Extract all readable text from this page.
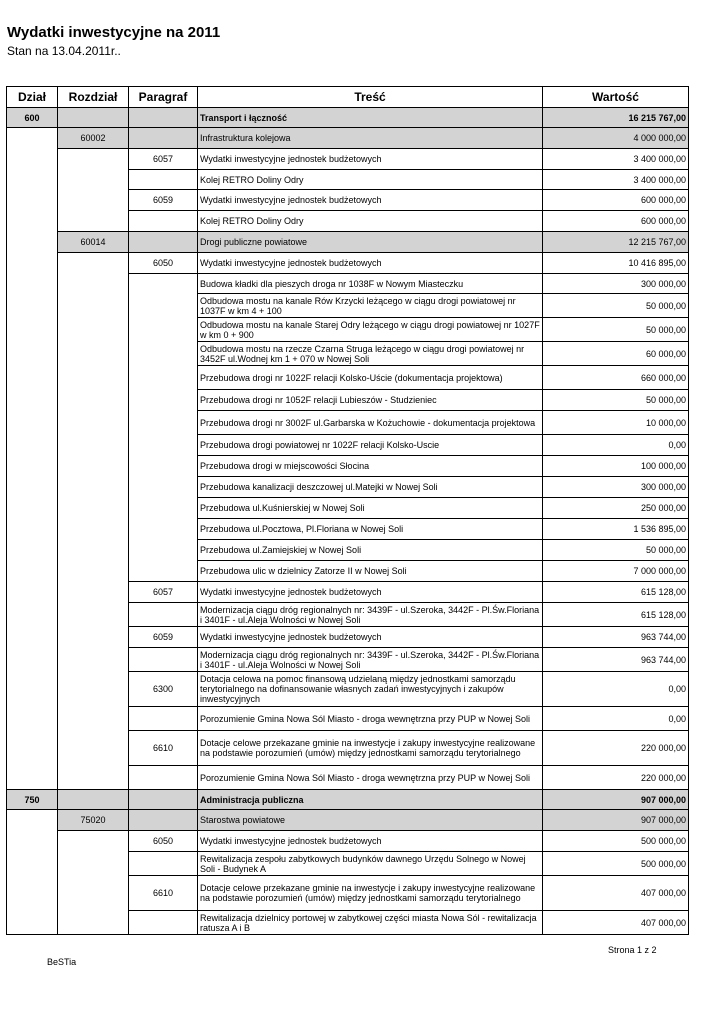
Wydatki inwestycyjne na 2011
Stan na 13.04.2011r..
Dział	Rozdział	Paragraf	Treść	Wartość
600			Transport i łączność	16 215 767,00
	60002		Infrastruktura kolejowa	4 000 000,00
		6057	Wydatki inwestycyjne jednostek budżetowych	3 400 000,00
			Kolej RETRO Doliny Odry	3 400 000,00
		6059	Wydatki inwestycyjne jednostek budżetowych	600 000,00
			Kolej RETRO Doliny Odry	600 000,00
	60014		Drogi publiczne powiatowe	12 215 767,00
		6050	Wydatki inwestycyjne jednostek budżetowych	10 416 895,00
			Budowa kładki dla pieszych droga nr 1038F w Nowym Miasteczku	300 000,00
			Odbudowa mostu na kanale Rów Krzycki leżącego w ciągu drogi powiatowej nr 1037F w km 4 + 100	50 000,00
			Odbudowa mostu na kanale Starej Odry leżącego w ciągu drogi powiatowej nr 1027F w km 0 + 900	50 000,00
			Odbudowa mostu na rzecze Czarna Struga leżącego w ciągu drogi powiatowej nr 3452F ul.Wodnej km 1 + 070 w Nowej Soli	60 000,00
			Przebudowa drogi nr 1022F relacji Kolsko-Uście (dokumentacja projektowa)	660 000,00
			Przebudowa drogi nr 1052F relacji Lubieszów - Studzieniec	50 000,00
			Przebudowa drogi nr 3002F ul.Garbarska w Kożuchowie - dokumentacja projektowa	10 000,00
			Przebudowa drogi powiatowej nr 1022F relacji Kolsko-Uscie	0,00
			Przebudowa drogi w miejscowości Słocina	100 000,00
			Przebudowa kanalizacji deszczowej ul.Matejki w Nowej Soli	300 000,00
			Przebudowa ul.Kuśnierskiej w Nowej Soli	250 000,00
			Przebudowa ul.Pocztowa, Pl.Floriana w Nowej Soli	1 536 895,00
			Przebudowa ul.Zamiejskiej w Nowej Soli	50 000,00
			Przebudowa ulic w dzielnicy Zatorze II w Nowej Soli	7 000 000,00
		6057	Wydatki inwestycyjne jednostek budżetowych	615 128,00
			Modernizacja ciągu dróg regionalnych nr: 3439F - ul.Szeroka, 3442F - Pl.Św.Floriana i 3401F - ul.Aleja Wolności w Nowej Soli	615 128,00
		6059	Wydatki inwestycyjne jednostek budżetowych	963 744,00
			Modernizacja ciągu dróg regionalnych nr: 3439F - ul.Szeroka, 3442F - Pl.Św.Floriana i 3401F - ul.Aleja Wolności w Nowej Soli	963 744,00
		6300	Dotacja celowa na pomoc finansową udzielaną między jednostkami samorządu terytorialnego na dofinansowanie własnych zadań inwestycyjnych i zakupów inwestycyjnych	0,00
			Porozumienie Gmina Nowa Sól Miasto - droga wewnętrzna przy PUP w Nowej Soli	0,00
		6610	Dotacje celowe przekazane gminie na inwestycje i zakupy inwestycyjne realizowane na podstawie porozumień (umów) między jednostkami samorządu terytorialnego	220 000,00
			Porozumienie Gmina Nowa Sól Miasto - droga wewnętrzna przy PUP w Nowej Soli	220 000,00
750			Administracja publiczna	907 000,00
	75020		Starostwa powiatowe	907 000,00
		6050	Wydatki inwestycyjne jednostek budżetowych	500 000,00
			Rewitalizacja zespołu zabytkowych budynków dawnego Urzędu Solnego w Nowej Soli - Budynek A	500 000,00
		6610	Dotacje celowe przekazane gminie na inwestycje i zakupy inwestycyjne realizowane na podstawie porozumień (umów) między jednostkami samorządu terytorialnego	407 000,00
			Rewitalizacja dzielnicy portowej w zabytkowej części miasta Nowa Sól - rewitalizacja ratusza A i B	407 000,00
Strona 1 z 2
BeSTia
